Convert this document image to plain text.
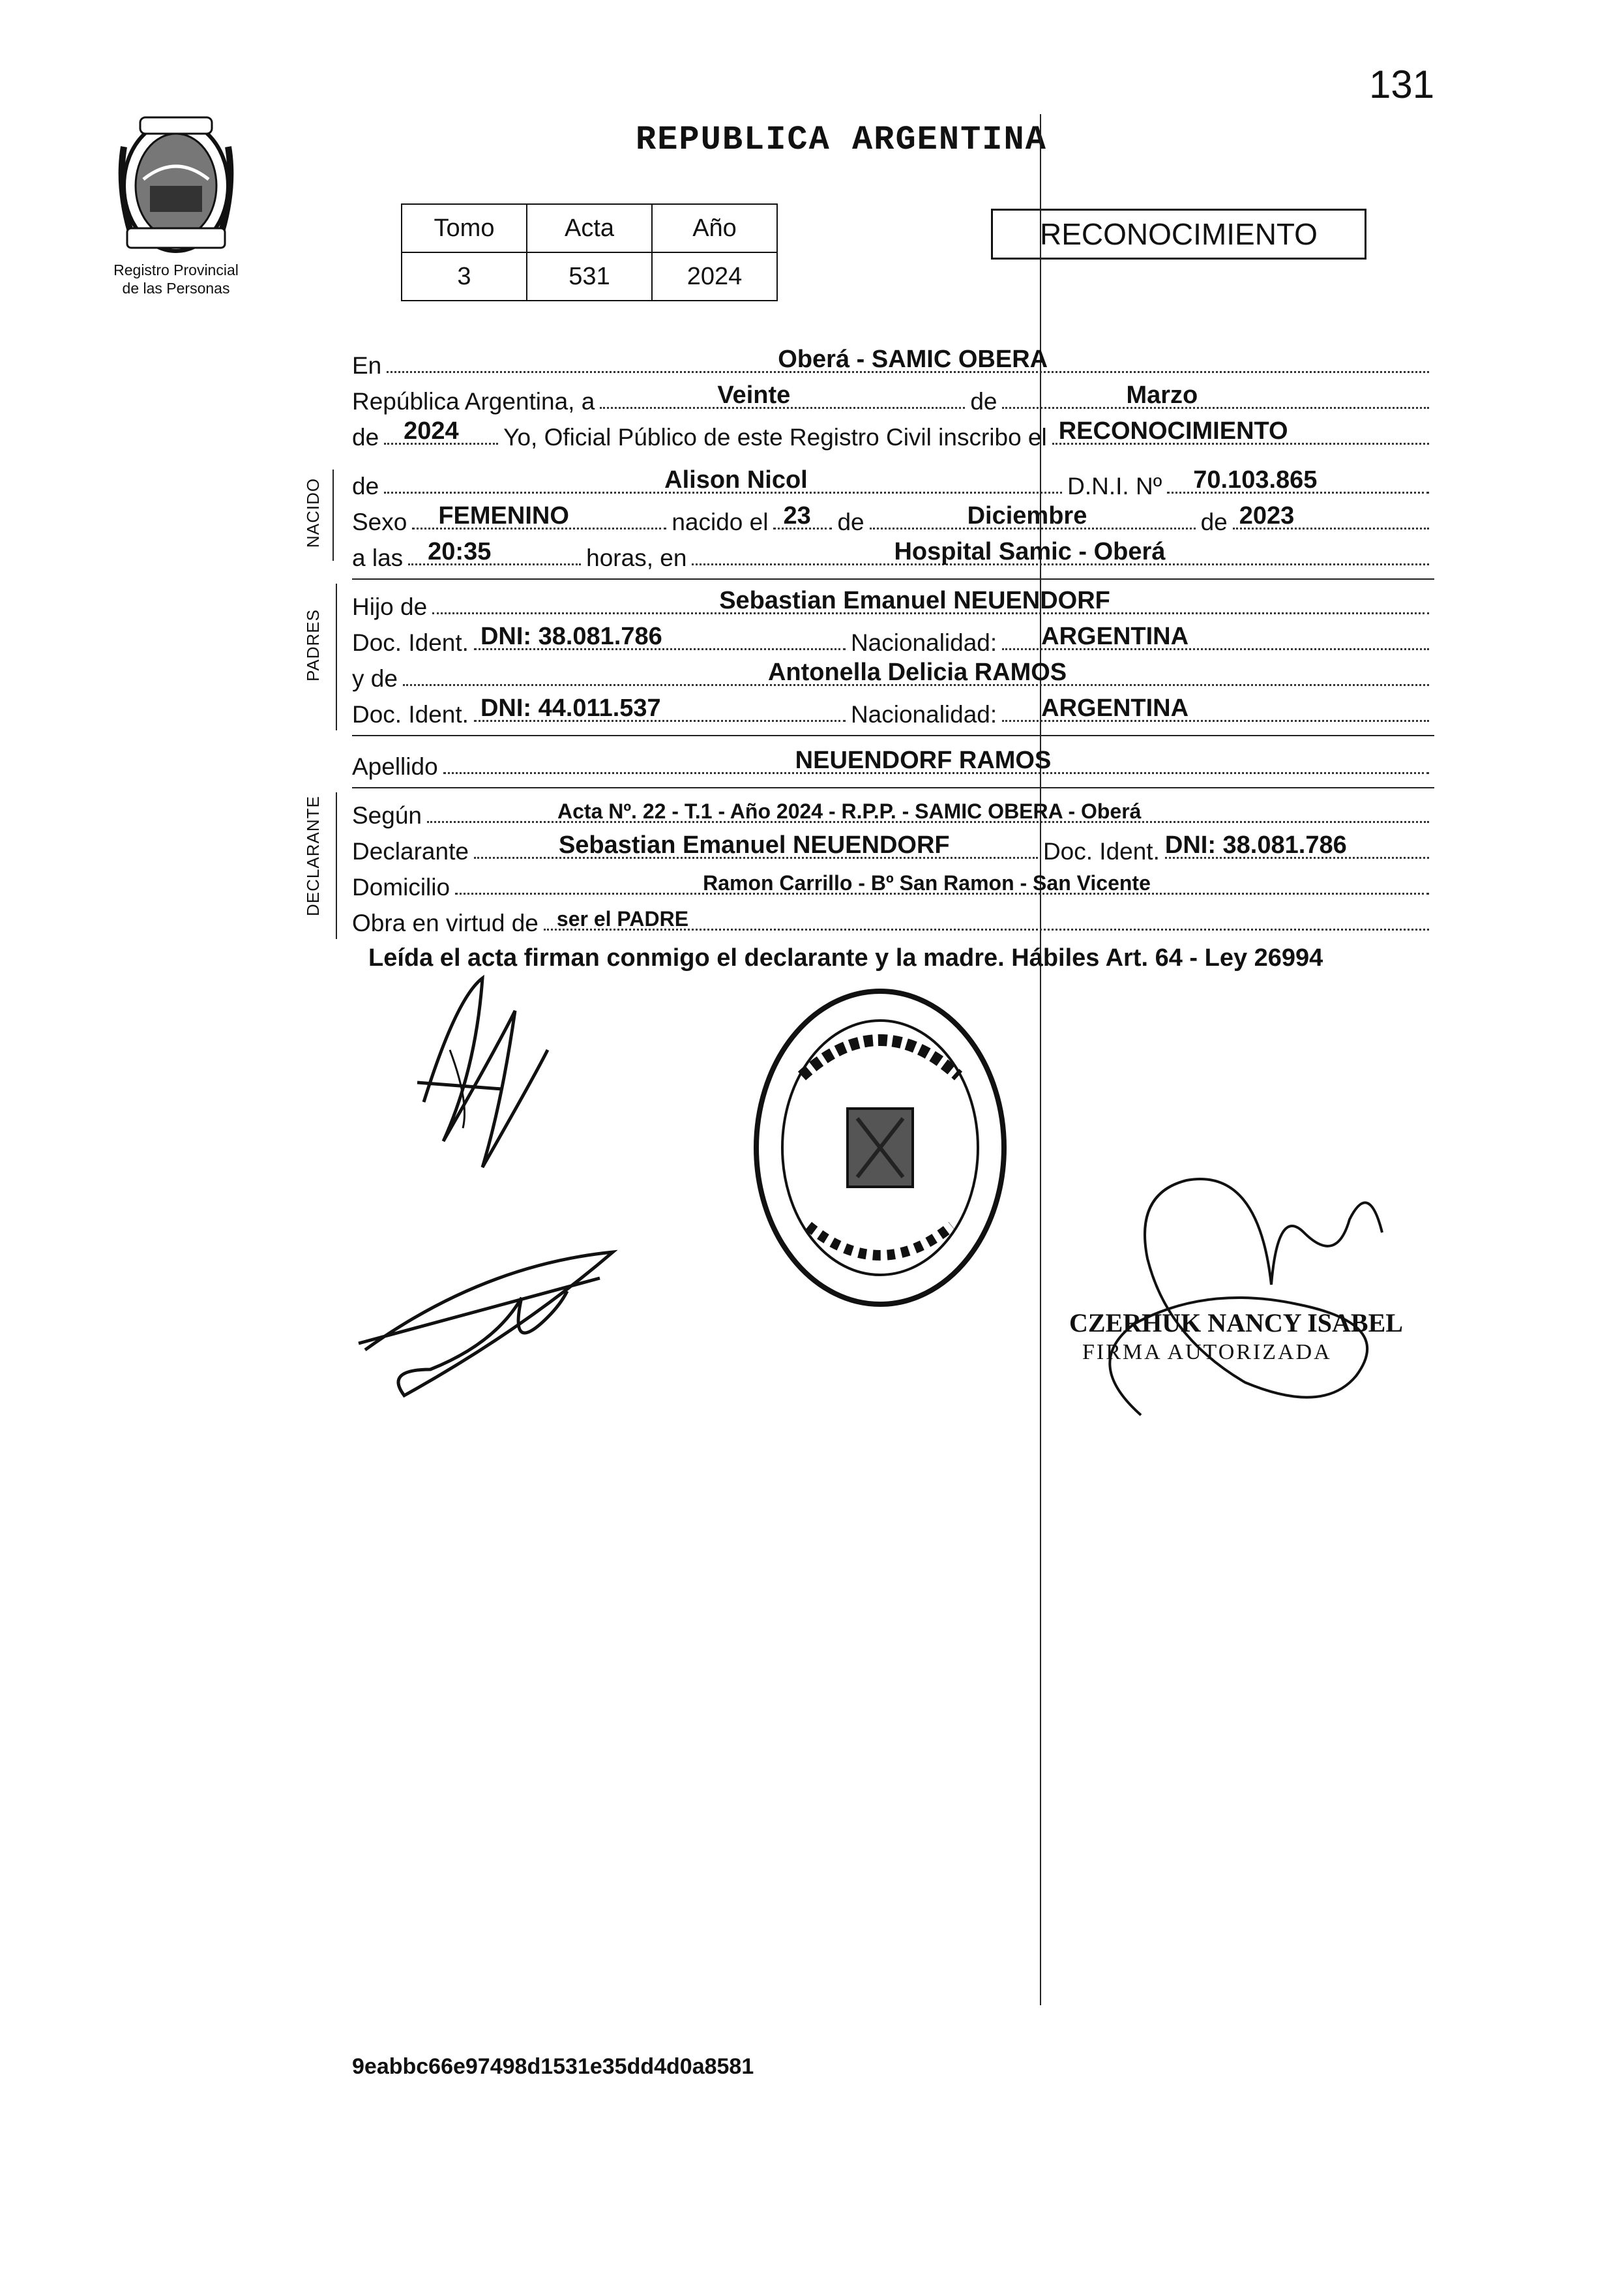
131
Registro Provincial
de las Personas
REPUBLICA ARGENTINA
Tomo	Acta	Año
3	531	2024
RECONOCIMIENTO
En	Oberá - SAMIC OBERA
República Argentina, a	Veinte	de	Marzo
de 2024 Yo, Oficial Público de este Registro Civil inscribo el RECONOCIMIENTO
de	Alison Nicol	D.N.I. Nº 70.103.865
Sexo FEMENINO	nacido el 23 de	Diciembre	de 2023
a las 20:35	horas, en	Hospital Samic - Oberá
Hijo de	Sebastian Emanuel NEUENDORF
Doc. Ident. DNI: 38.081.786	Nacionalidad: ARGENTINA
y de	Antonella Delicia RAMOS
Doc. Ident. DNI: 44.011.537	Nacionalidad: ARGENTINA
Apellido	NEUENDORF RAMOS
Según	Acta Nº. 22 - T.1 - Año 2024 - R.P.P. - SAMIC OBERA - Oberá
Declarante	Sebastian Emanuel NEUENDORF	Doc. Ident. DNI: 38.081.786
Domicilio	Ramon Carrillo - Bº San Ramon - San Vicente
Obra en virtud de ser el PADRE
NACIDO
PADRES
DECLARANTE
Leída el acta firman conmigo el declarante y la madre. Hábiles Art. 64 - Ley 26994
CZERHUK NANCY ISABEL
FIRMA AUTORIZADA
9eabbc66e97498d1531e35dd4d0a8581
